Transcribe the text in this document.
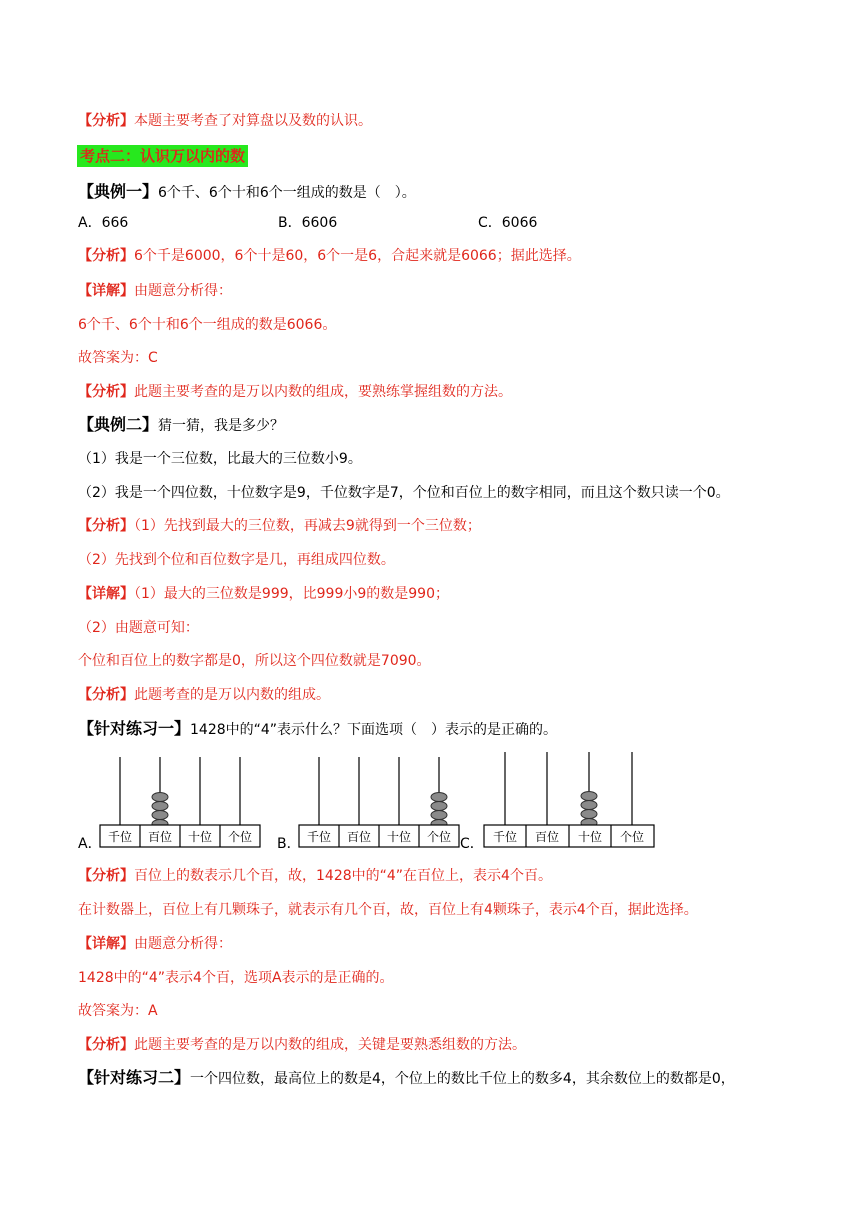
【分析】本题主要考查了对算盘以及数的认识。
考点二：认识万以内的数
【典例一】6个千、6个十和6个一组成的数是（　）。
A．666	B．6606	C．6066
【分析】6个千是6000，6个十是60，6个一是6，合起来就是6066；据此选择。
【详解】由题意分析得：
6个千、6个十和6个一组成的数是6066。
故答案为：C
【分析】此题主要考查的是万以内数的组成，要熟练掌握组数的方法。
【典例二】猜一猜，我是多少？
（1）我是一个三位数，比最大的三位数小9。
（2）我是一个四位数，十位数字是9，千位数字是7，个位和百位上的数字相同，而且这个数只读一个0。
【分析】（1）先找到最大的三位数，再减去9就得到一个三位数；
（2）先找到个位和百位数字是几，再组成四位数。
【详解】（1）最大的三位数是999，比999小9的数是990；
（2）由题意可知：
个位和百位上的数字都是0，所以这个四位数就是7090。
【分析】此题考查的是万以内数的组成。
【针对练习一】1428中的“4”表示什么？下面选项（　）表示的是正确的。
千位 百位 十位 个位
A．	千位 百位 十位 个位
B．	千位 百位 十位 个位
C．
【分析】百位上的数表示几个百，故，1428中的“4”在百位上，表示4个百。
在计数器上，百位上有几颗珠子，就表示有几个百，故，百位上有4颗珠子，表示4个百，据此选择。
【详解】由题意分析得：
1428中的“4”表示4个百，选项A表示的是正确的。
故答案为：A
【分析】此题主要考查的是万以内数的组成，关键是要熟悉组数的方法。
【针对练习二】一个四位数，最高位上的数是4，个位上的数比千位上的数多4，其余数位上的数都是0，
